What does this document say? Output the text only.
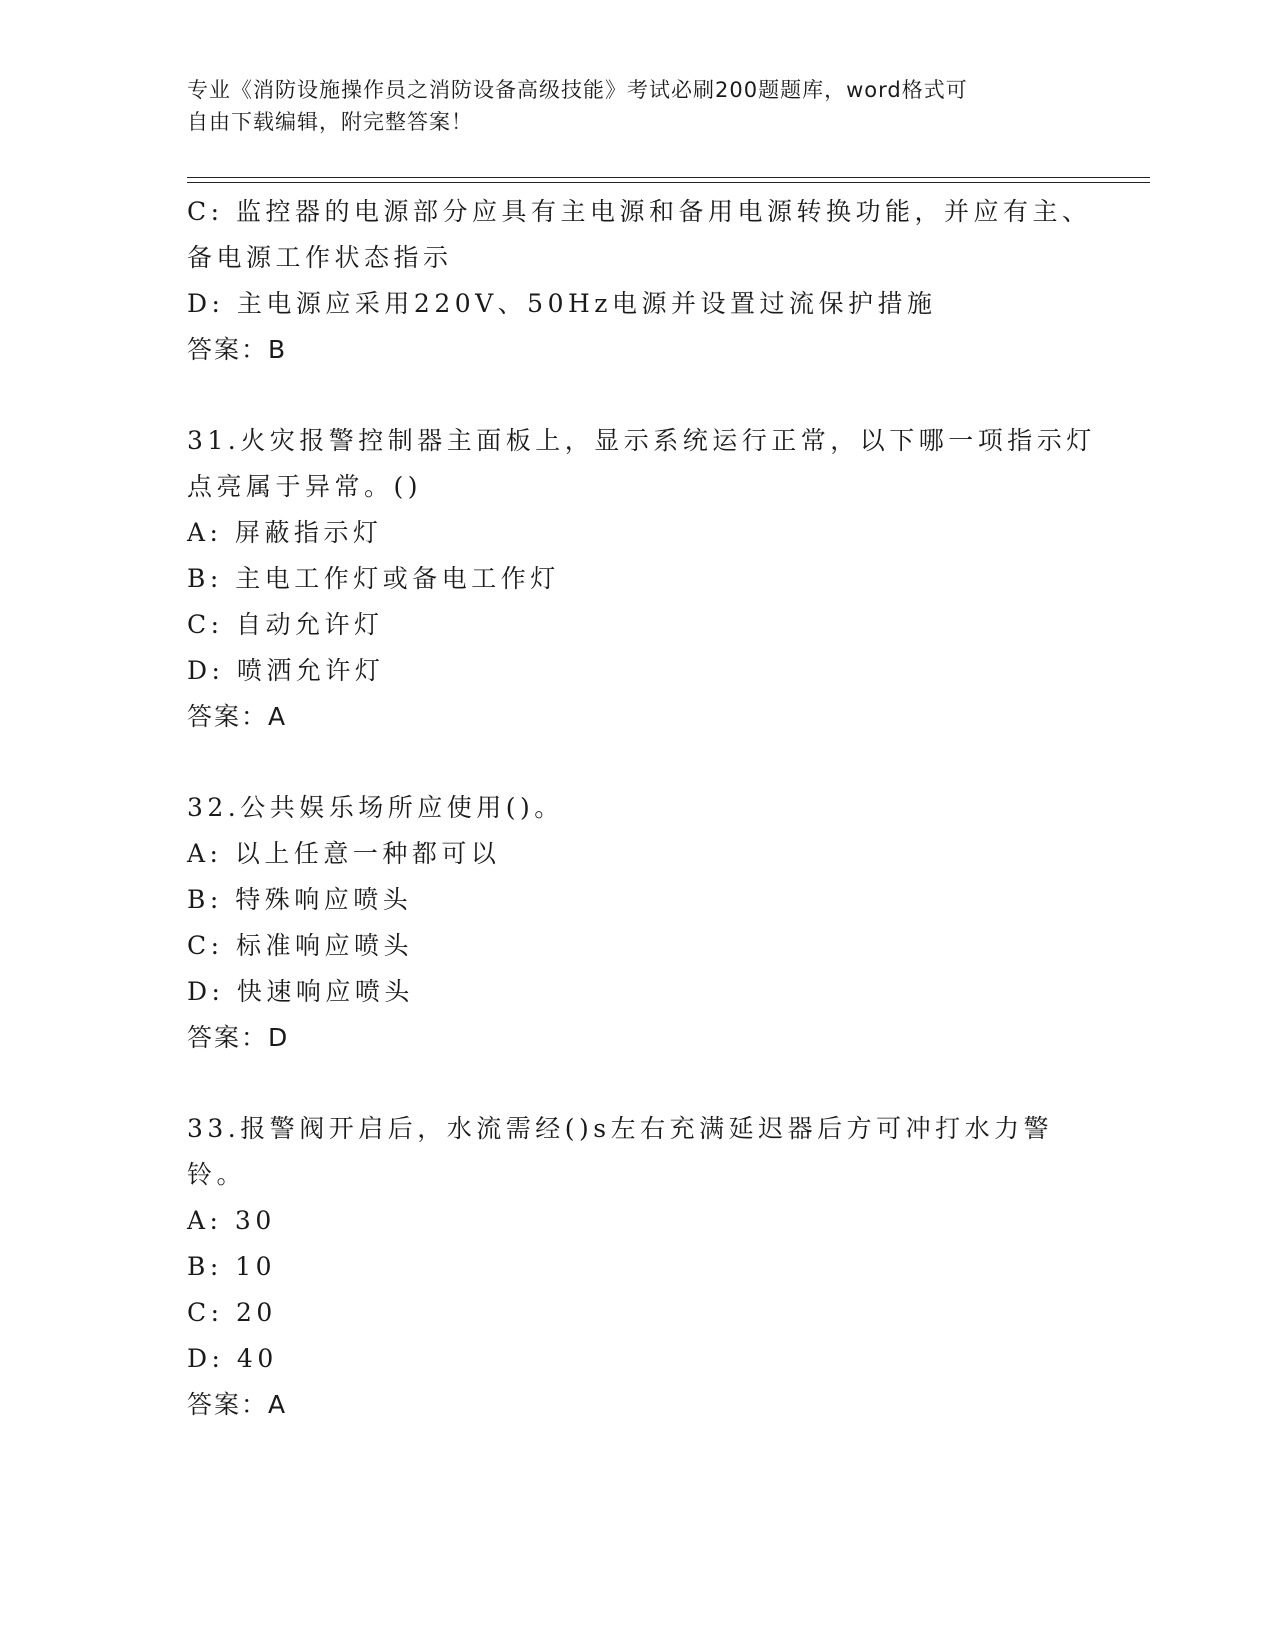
专业《消防设施操作员之消防设备高级技能》考试必刷200题题库，word格式可
自由下载编辑，附完整答案！
C: 监控器的电源部分应具有主电源和备用电源转换功能，并应有主、
备电源工作状态指示
D: 主电源应采用220V、50Hz电源并设置过流保护措施
答案：B
31.火灾报警控制器主面板上，显示系统运行正常，以下哪一项指示灯
点亮属于异常。()
A: 屏蔽指示灯
B: 主电工作灯或备电工作灯
C: 自动允许灯
D: 喷洒允许灯
答案：A
32.公共娱乐场所应使用()。
A: 以上任意一种都可以
B: 特殊响应喷头
C: 标准响应喷头
D: 快速响应喷头
答案：D
33.报警阀开启后，水流需经()s左右充满延迟器后方可冲打水力警
铃。
A: 30
B: 10
C: 20
D: 40
答案：A
